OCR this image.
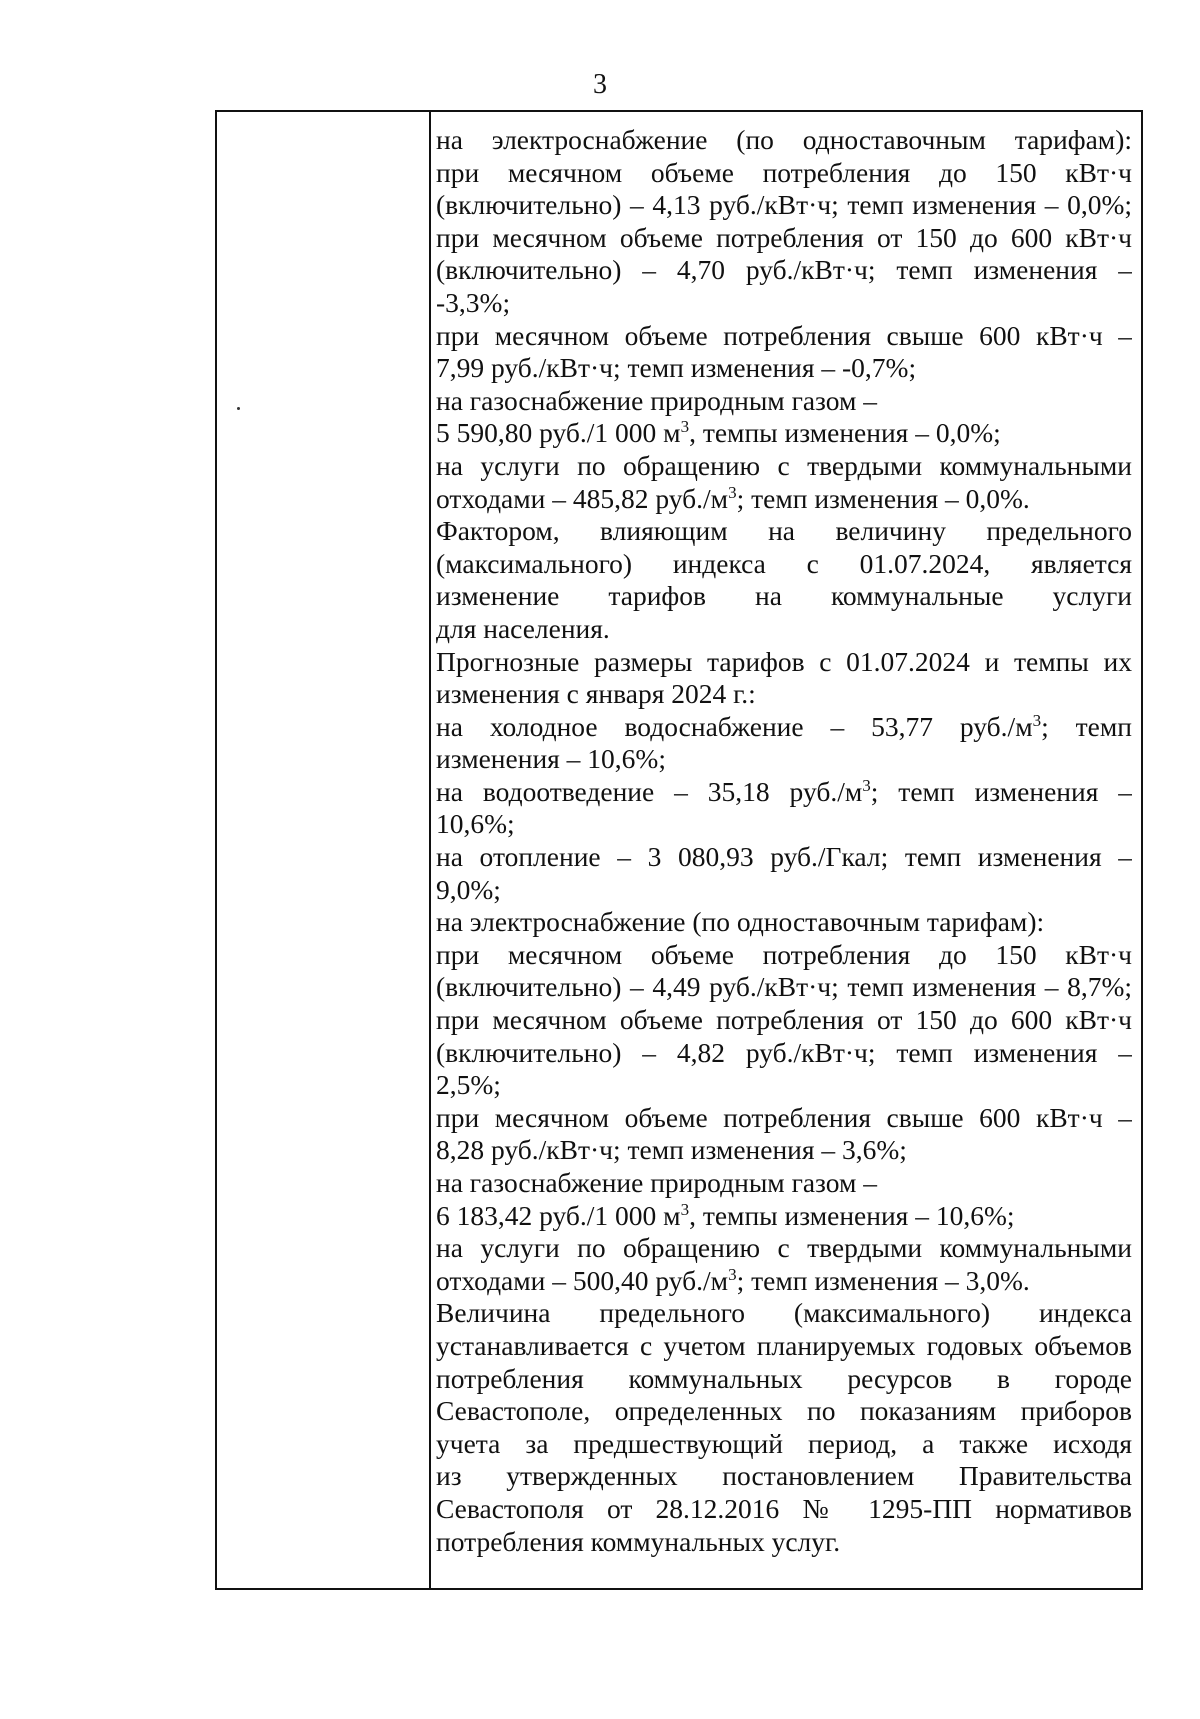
3
на электроснабжение (по одноставочным тарифам):
при месячном объеме потребления до 150 кВт·ч
(включительно) – 4,13 руб./кВт·ч; темп изменения – 0,0%;
при месячном объеме потребления от 150 до 600 кВт·ч
(включительно) – 4,70 руб./кВт·ч; темп изменения –
-3,3%;
при месячном объеме потребления свыше 600 кВт·ч –
7,99 руб./кВт·ч; темп изменения – -0,7%;
на газоснабжение природным газом –
5 590,80 руб./1 000 $м^3$, темпы изменения – 0,0%;
на услуги по обращению с твердыми коммунальными
отходами – 485,82 $руб./м^3$; темп изменения – 0,0%.
Фактором, влияющим на величину предельного
(максимального) индекса с 01.07.2024, является
изменение тарифов на коммунальные услуги
для населения.
Прогнозные размеры тарифов с 01.07.2024 и темпы их
изменения с января 2024 г.:
на холодное водоснабжение – 53,77 $руб./м^3$; темп
изменения – 10,6%;
на водоотведение – 35,18 $руб./м^3$; темп изменения –
10,6%;
на отопление – 3 080,93 руб./Гкал; темп изменения –
9,0%;
на электроснабжение (по одноставочным тарифам):
при месячном объеме потребления до 150 кВт·ч
(включительно) – 4,49 руб./кВт·ч; темп изменения – 8,7%;
при месячном объеме потребления от 150 до 600 кВт·ч
(включительно) – 4,82 руб./кВт·ч; темп изменения –
2,5%;
при месячном объеме потребления свыше 600 кВт·ч –
8,28 руб./кВт·ч; темп изменения – 3,6%;
на газоснабжение природным газом –
6 183,42 руб./1 000 $м^3$, темпы изменения – 10,6%;
на услуги по обращению с твердыми коммунальными
отходами – 500,40 $руб./м^3$; темп изменения – 3,0%.
Величина предельного (максимального) индекса
устанавливается с учетом планируемых годовых объемов
потребления коммунальных ресурсов в городе
Севастополе, определенных по показаниям приборов
учета за предшествующий период, а также исходя
из утвержденных постановлением Правительства
Севастополя от 28.12.2016 № 1295-ПП нормативов
потребления коммунальных услуг.
